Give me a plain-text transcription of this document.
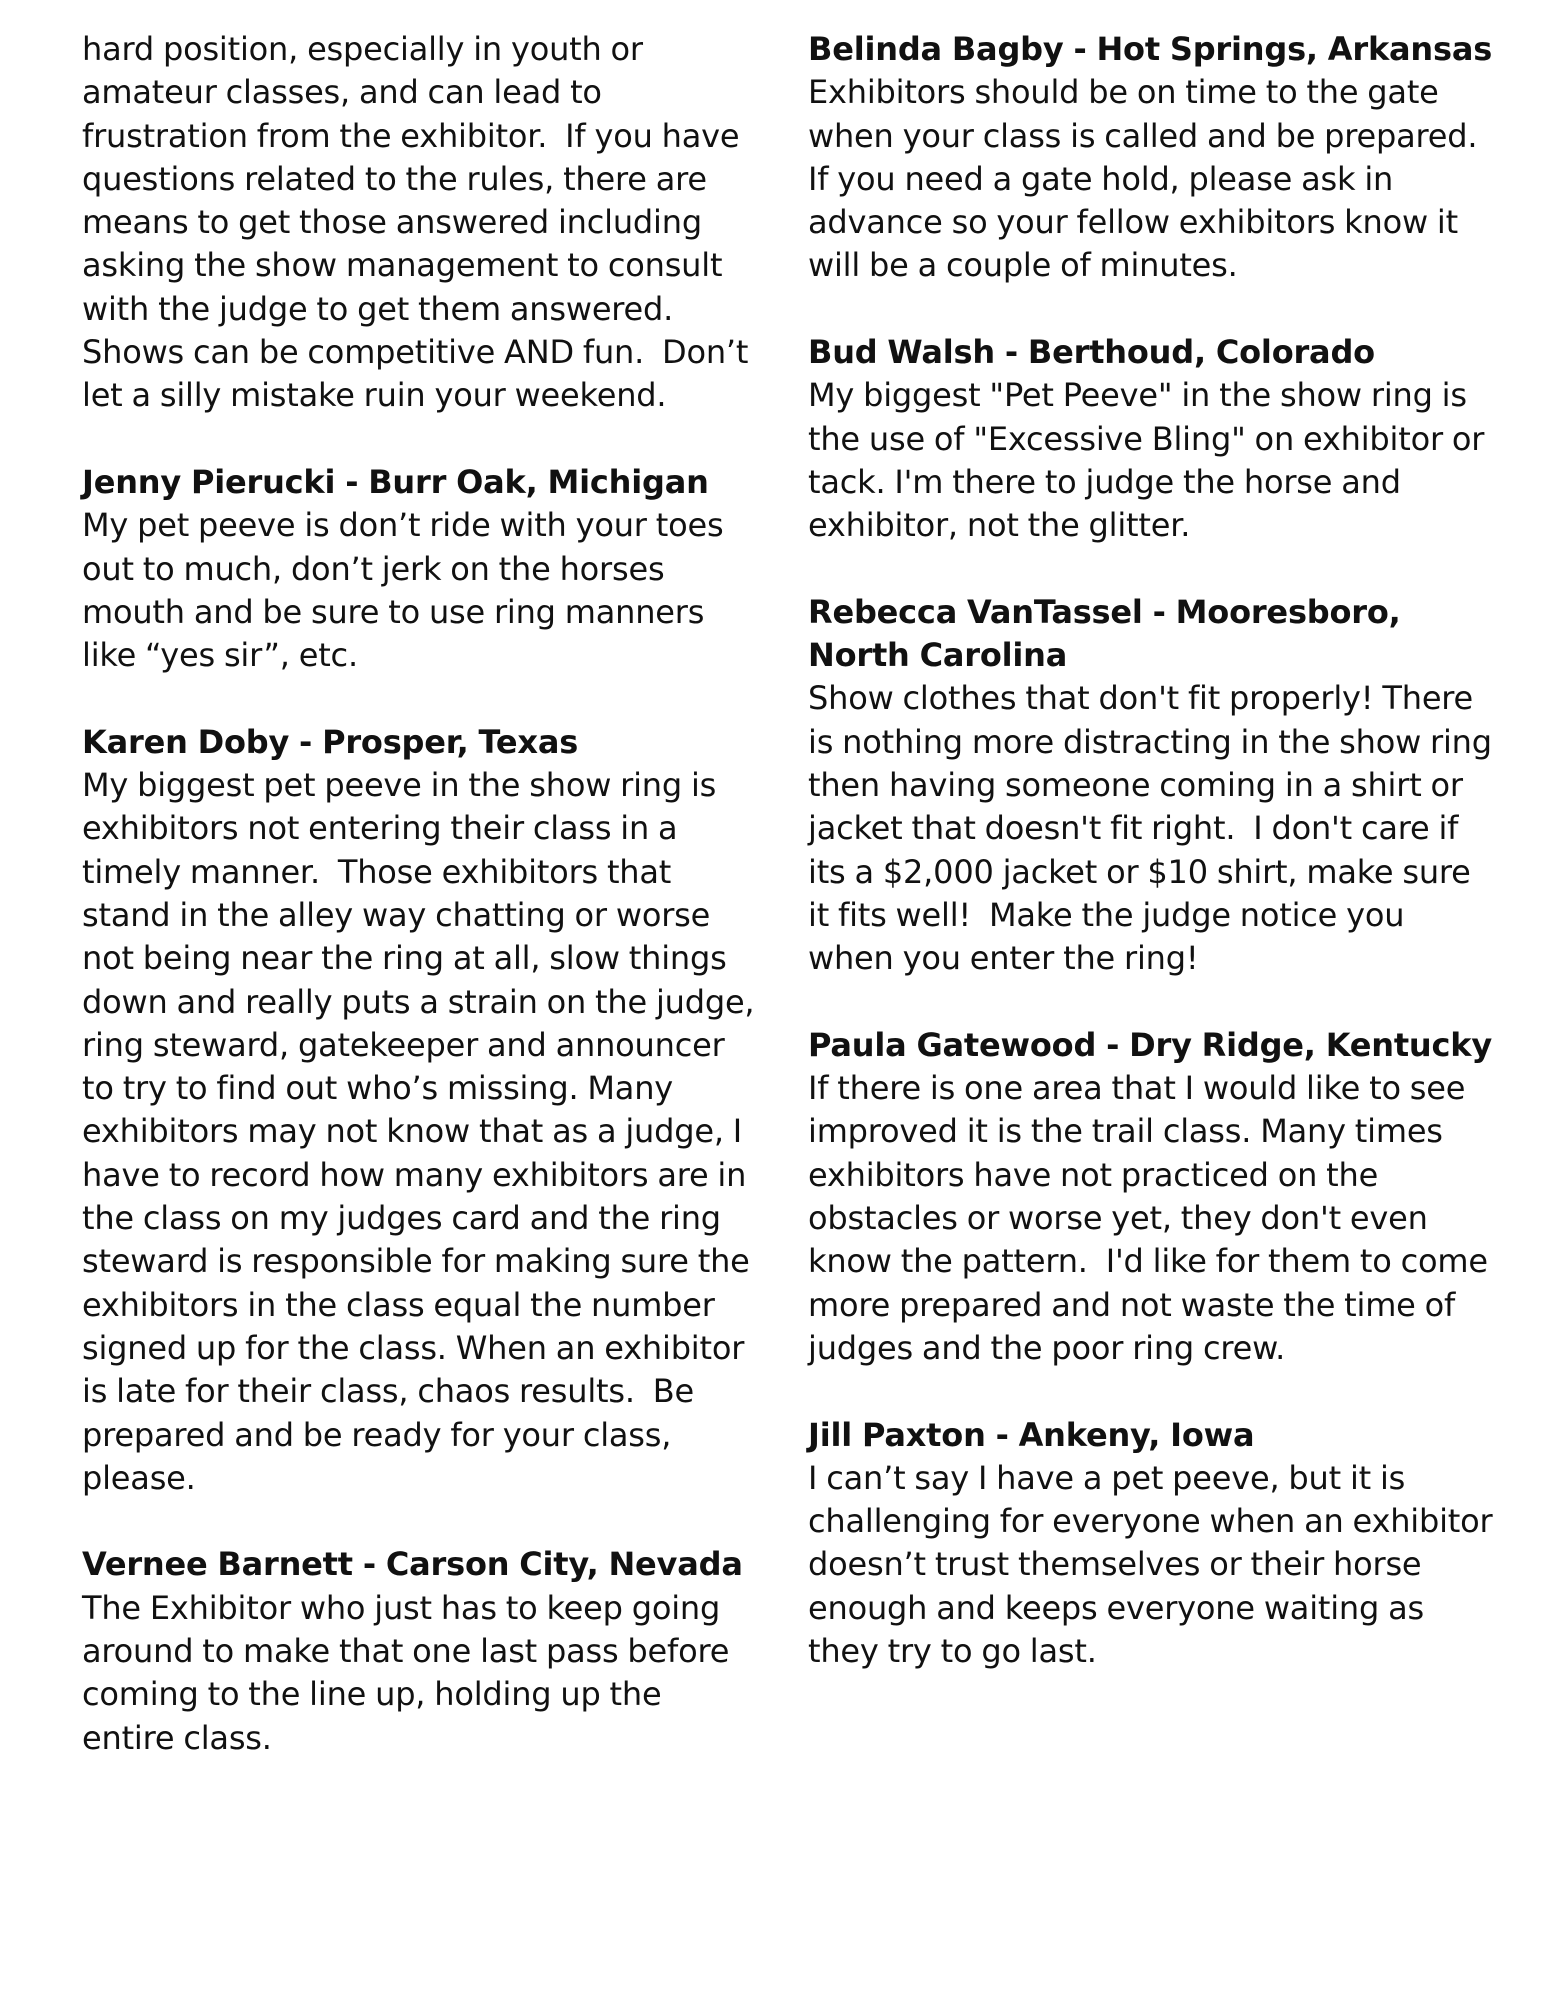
hard position, especially in youth or amateur classes, and can lead to frustration from the exhibitor.  If you have questions related to the rules, there are means to get those answered including asking the show management to consult with the judge to get them answered.  Shows can be competitive AND fun.  Don’t let a silly mistake ruin your weekend.

Jenny Pierucki - Burr Oak, Michigan

My pet peeve is don’t ride with your toes out to much, don’t jerk on the horses mouth and be sure to use ring manners like “yes sir”, etc.

Karen Doby - Prosper, Texas

My biggest pet peeve in the show ring is exhibitors not entering their class in a timely manner.  Those exhibitors that stand in the alley way chatting or worse not being near the ring at all, slow things down and really puts a strain on the judge, ring steward, gatekeeper and announcer to try to find out who’s missing. Many exhibitors may not know that as a judge, I have to record how many exhibitors are in the class on my judges card and the ring steward is responsible for making sure the exhibitors in the class equal the number signed up for the class. When an exhibitor is late for their class, chaos results.  Be prepared and be ready for your class, please.

Vernee Barnett - Carson City, Nevada

The Exhibitor who just has to keep going around to make that one last pass before coming to the line up, holding up the entire class.

Belinda Bagby - Hot Springs, Arkansas

Exhibitors should be on time to the gate when your class is called and be prepared. If you need a gate hold, please ask in advance so your fellow exhibitors know it will be a couple of minutes.

Bud Walsh - Berthoud, Colorado

My biggest "Pet Peeve" in the show ring is the use of "Excessive Bling" on exhibitor or tack. I'm there to judge the horse and exhibitor, not the glitter.

Rebecca VanTassel - Mooresboro, North Carolina

Show clothes that don't fit properly! There is nothing more distracting in the show ring then having someone coming in a shirt or jacket that doesn't fit right.  I don't care if its a $2,000 jacket or $10 shirt, make sure it fits well!  Make the judge notice you when you enter the ring!

Paula Gatewood - Dry Ridge, Kentucky

If there is one area that I would like to see improved it is the trail class. Many times exhibitors have not practiced on the obstacles or worse yet, they don't even know the pattern.  I'd like for them to come more prepared and not waste the time of judges and the poor ring crew.

Jill Paxton - Ankeny, Iowa

I can’t say I have a pet peeve, but it is challenging for everyone when an exhibitor doesn’t trust themselves or their horse enough and keeps everyone waiting as they try to go last.
